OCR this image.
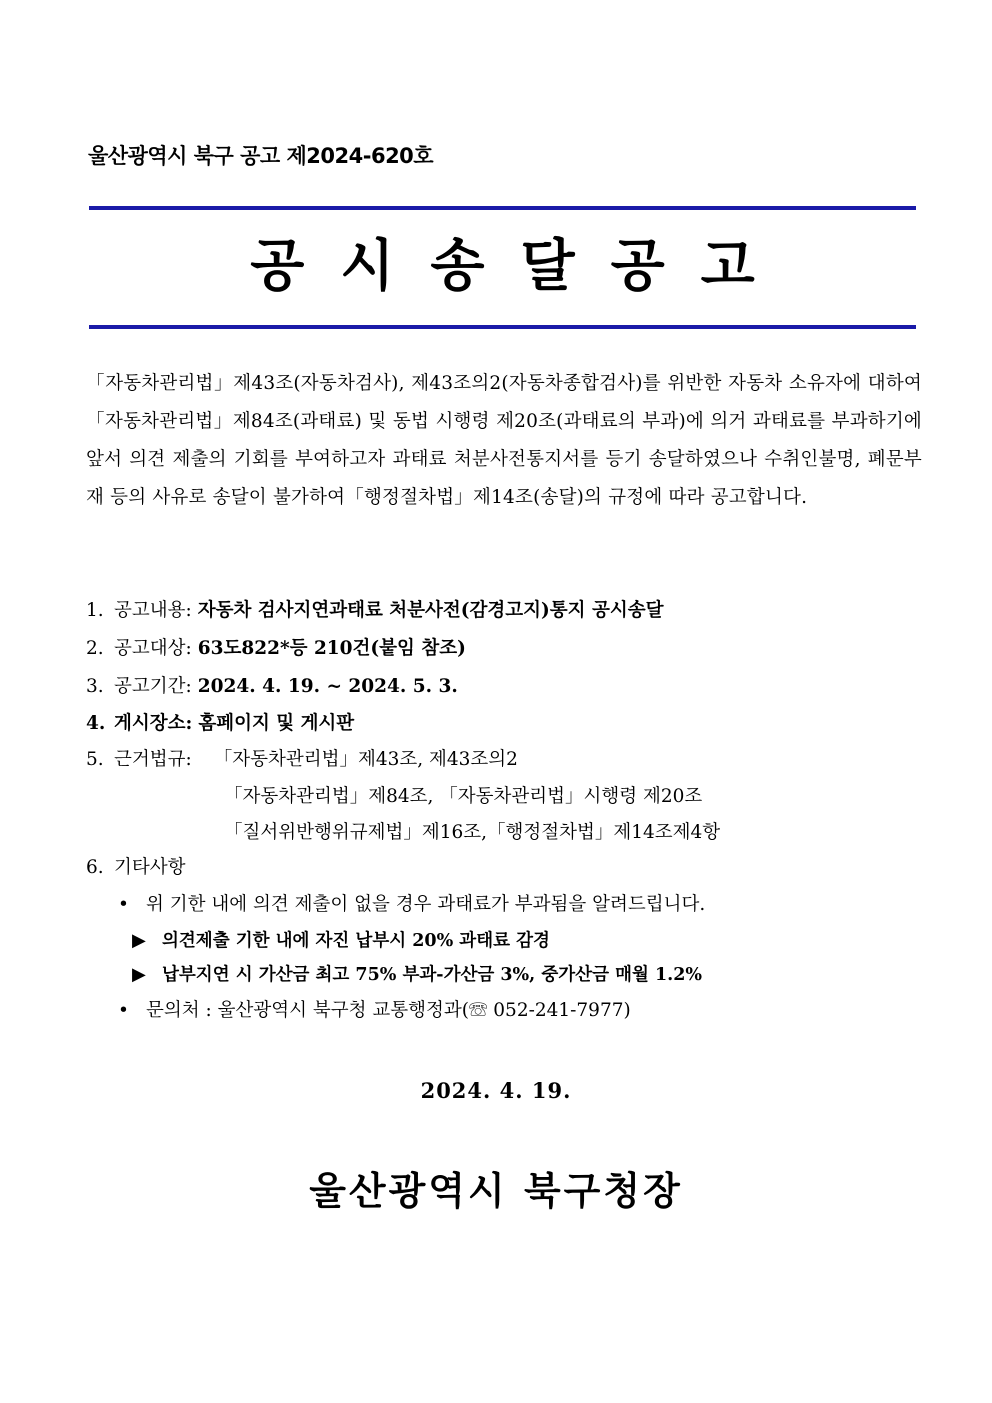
울산광역시 북구 공고 제2024-620호
공시송달공고
「자동차관리법」제43조(자동차검사), 제43조의2(자동차종합검사)를 위반한 자동차 소유자에 대하여 「자동차관리법」제84조(과태료) 및 동법 시행령 제20조(과태료의 부과)에 의거 과태료를 부과하기에 앞서 의견 제출의 기회를 부여하고자 과태료 처분사전통지서를 등기 송달하였으나 수취인불명, 폐문부재 등의 사유로 송달이 불가하여「행정절차법」제14조(송달)의 규정에 따라 공고합니다.
1. 공고내용: 자동차 검사지연과태료 처분사전(감경고지)통지 공시송달
2. 공고대상: 63도822*등 210건(붙임 참조)
3. 공고기간: 2024. 4. 19. ~ 2024. 5. 3.
4. 게시장소: 홈페이지 및 게시판
5. 근거법규: 「자동차관리법」제43조, 제43조의2
「자동차관리법」제84조, 「자동차관리법」시행령 제20조
「질서위반행위규제법」제16조,「행정절차법」제14조제4항
6. 기타사항
• 위 기한 내에 의견 제출이 없을 경우 과태료가 부과됨을 알려드립니다.
▶ 의견제출 기한 내에 자진 납부시 20% 과태료 감경
▶ 납부지연 시 가산금 최고 75% 부과-가산금 3%, 중가산금 매월 1.2%
• 문의처 : 울산광역시 북구청 교통행정과(☏ 052-241-7977)
2024. 4. 19.
울산광역시 북구청장
